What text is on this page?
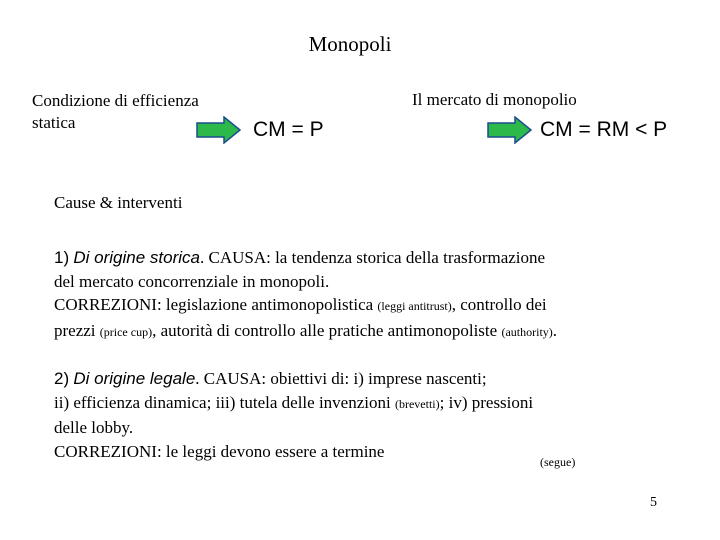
Monopoli
Condizione di efficienza
statica	CM = P
Il mercato di monopolio
CM = RM < P
Cause & interventi
1) Di origine storica. CAUSA: la tendenza storica della trasformazione
del mercato concorrenziale in monopoli.
CORREZIONI: legislazione antimonopolistica (leggi antitrust), controllo dei
prezzi (price cup), autorità di controllo alle pratiche antimonopoliste (authority).
2) Di origine legale. CAUSA: obiettivi di: i) imprese nascenti;
ii) efficienza dinamica; iii) tutela delle invenzioni (brevetti); iv) pressioni
delle lobby.
CORREZIONI: le leggi devono essere a termine
(segue)
5
